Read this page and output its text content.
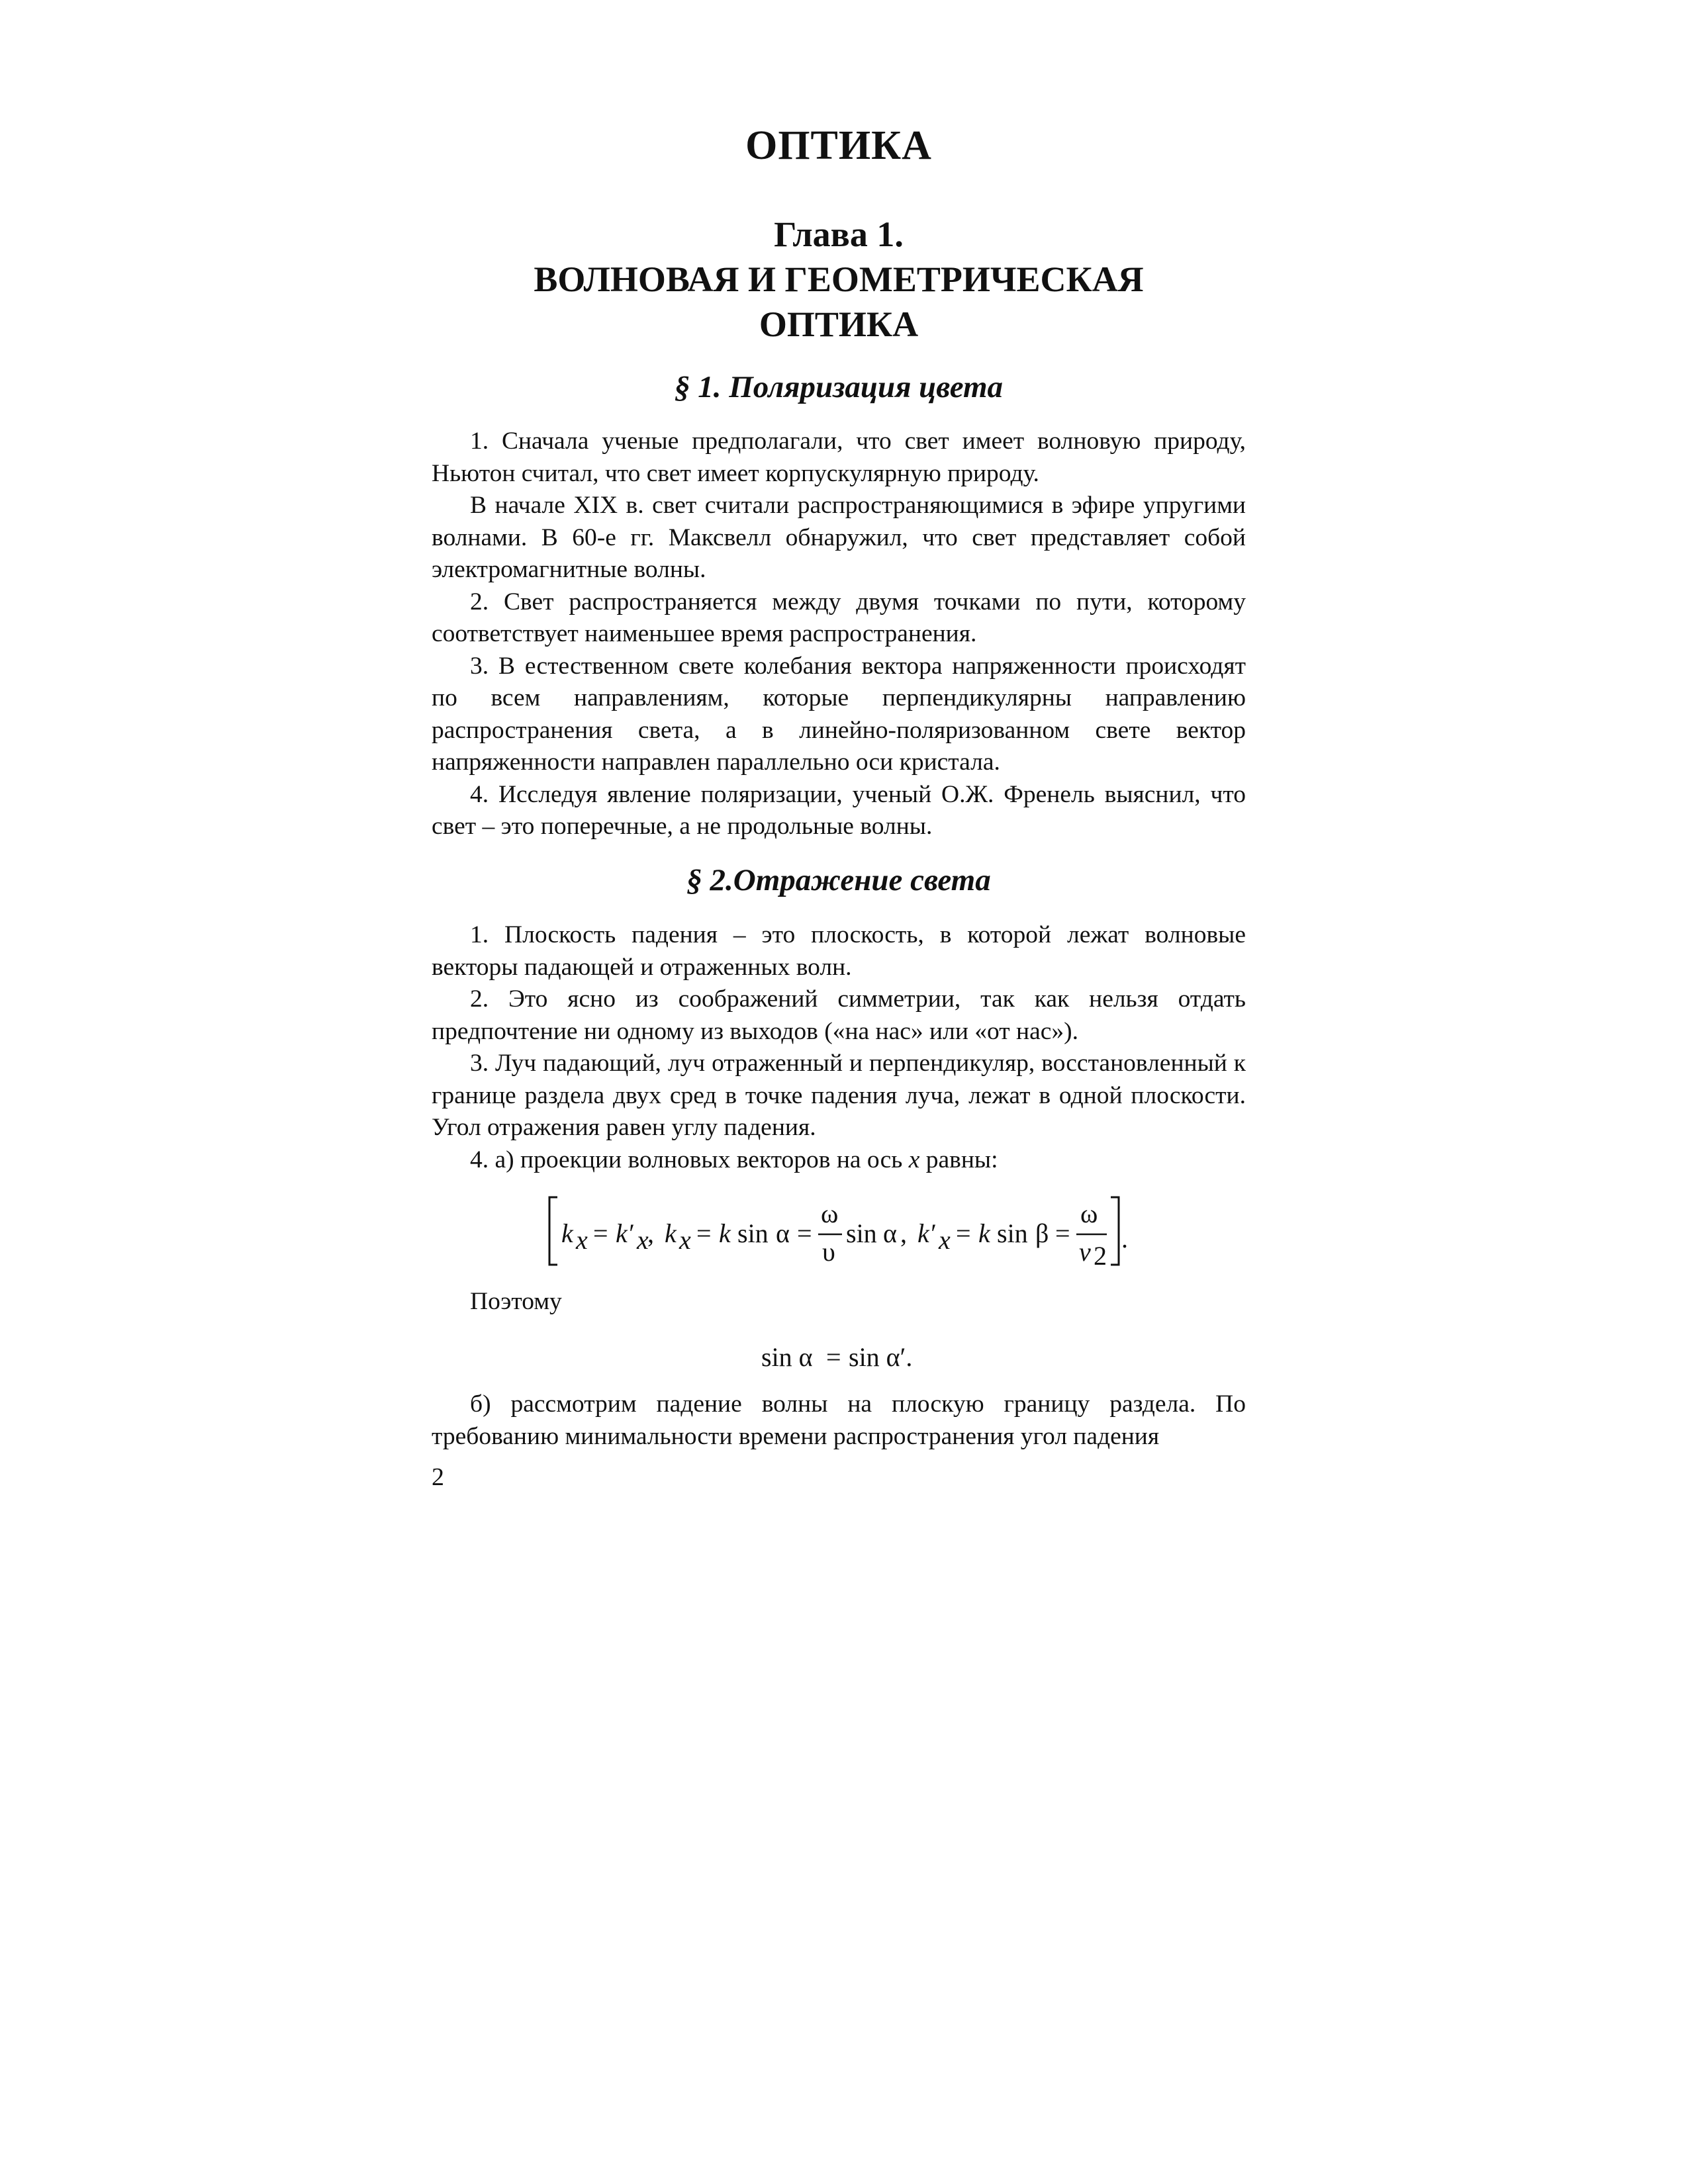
ОПТИКА
Глава 1.
ВОЛНОВАЯ И ГЕОМЕТРИЧЕСКАЯ
ОПТИКА
§ 1. Поляризация цвета

1. Сначала ученые предполагали, что свет имеет волновую природу, Ньютон считал, что свет имеет корпускулярную природу.

В начале XIX в. свет считали распространяющимися в эфире упругими волнами. В 60-е гг. Максвелл обнаружил, что свет представляет собой электромагнитные волны.

2. Свет распространяется между двумя точками по пути, которому соответствует наименьшее время распространения.

3. В естественном свете колебания вектора напряженности происходят по всем направлениям, которые перпендикулярны направлению распространения света, а в линейно-поляризованном свете вектор напряженности направлен параллельно оси кристала.

4. Исследуя явление поляризации, ученый О.Ж. Френель выяснил, что свет – это поперечные, а не продольные волны.

§ 2.Отражение света

1. Плоскость падения – это плоскость, в которой лежат волновые векторы падающей и отраженных волн.

2. Это ясно из соображений симметрии, так как нельзя отдать предпочтение ни одному из выходов («на нас» или «от нас»).

3. Луч падающий, луч отраженный и перпендикуляр, восстановленный к границе раздела двух сред в точке падения луча, лежат в одной плоскости. Угол отражения равен углу падения.

4. а) проекции волновых векторов на ось x равны:

k x = k′ x
, k x = k sin α =
ω
υ
sin α , k′ x = k sin β =
ω
v 2
.
Поэтому
sin α = sin α′.

б) рассмотрим падение волны на плоскую границу раздела. По требованию минимальности времени распространения угол падения

2
